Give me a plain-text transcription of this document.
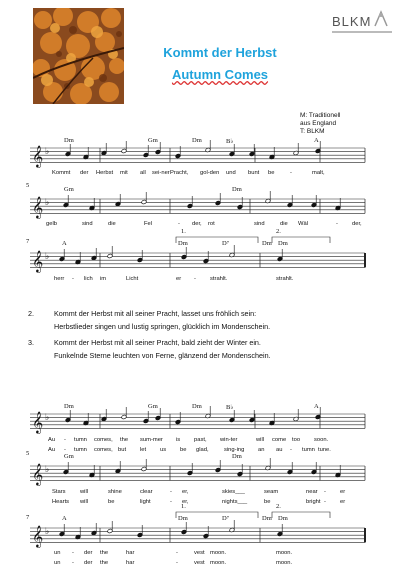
Kommt der Herbst
Autumn Comes
BLKM
M: Traditionell
aus England
T: BLKM
𝄞 ♭
𝄞 ♭
𝄞 ♭
𝄞 ♭
𝄞 ♭
𝄞 ♭
Dm	Gm	Dm	B♭	A
5
Gm	Dm
7	A	Dm	D⁷	Dm Dm
1.	2.
Kommt der Herbst mit all sei-ner Pracht, gol-den und bunt be	-	malt,
gelb	sind	die	Fel	- der, rot	sind	die Wäl	- der,
herr - lich im	Licht	er - strahlt.	strahlt.
2.	Kommt der Herbst mit all seiner Pracht, lasset uns fröhlich sein:
Herbstlieder singen und lustig springen, glücklich im Mondenschein.
3.	Kommt der Herbst mit all seiner Pracht, bald zieht der Winter ein.
Funkelnde Sterne leuchten von Ferne, glänzend der Mondenschein.
Dm	Gm	Dm	B♭	A
5	Gm	Dm
7	A	Dm	D⁷	Dm Dm
1.	2.
Au - tumn comes, the sum-mer is past, win-ter	will come too soon.
Au - tumn comes, but let us be glad,	sing-ing an au - tumn tune.
Stars will	shine	clear	- er,	skies___	seam	near - er
Hearts will	be	light	- er,	nights___	be	bright - er
un - der the	har	-	vest moon.	moon.
un - der the	har	-	vest moon.	moon.
